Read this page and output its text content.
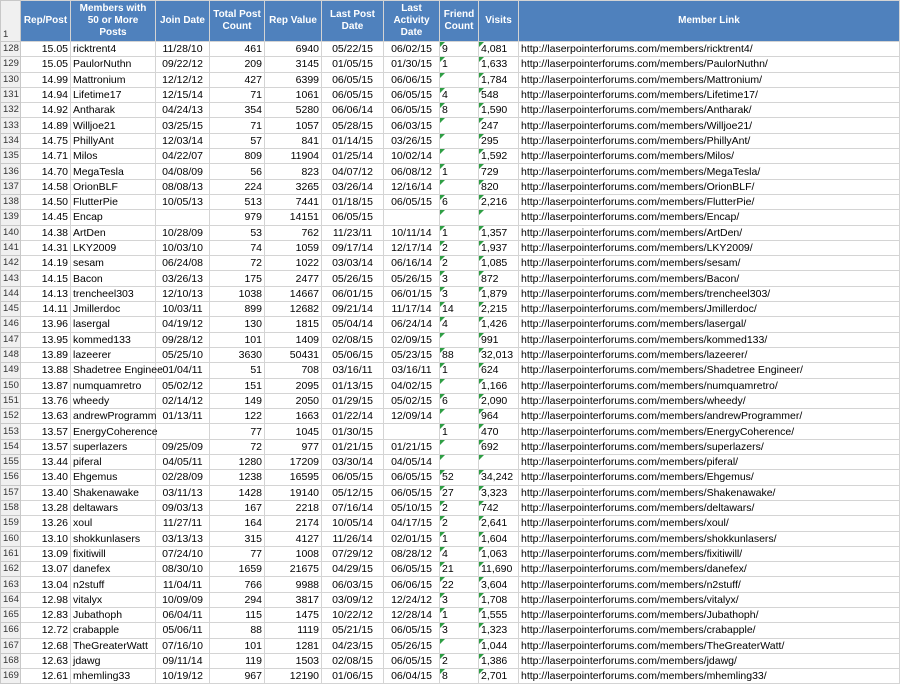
1	Rep/Post	Members with 50 or More Posts	Join Date	Total Post Count	Rep Value	Last Post Date	Last Activity Date	Friend Count	Visits	Member Link
128	15.05	ricktrent4	11/28/10	461	6940	05/22/15	06/02/15	9	4,081	http://laserpointerforums.com/members/ricktrent4/
129	15.05	PaulorNuthn	09/22/12	209	3145	01/05/15	01/30/15	1	1,633	http://laserpointerforums.com/members/PaulorNuthn/
130	14.99	Mattronium	12/12/12	427	6399	06/05/15	06/06/15		1,784	http://laserpointerforums.com/members/Mattronium/
131	14.94	Lifetime17	12/15/14	71	1061	06/05/15	06/05/15	4	548	http://laserpointerforums.com/members/Lifetime17/
132	14.92	Antharak	04/24/13	354	5280	06/06/14	06/05/15	8	1,590	http://laserpointerforums.com/members/Antharak/
133	14.89	Willjoe21	03/25/15	71	1057	05/28/15	06/03/15		247	http://laserpointerforums.com/members/Willjoe21/
134	14.75	PhillyAnt	12/03/14	57	841	01/14/15	03/26/15		295	http://laserpointerforums.com/members/PhillyAnt/
135	14.71	Milos	04/22/07	809	11904	01/25/14	10/02/14		1,592	http://laserpointerforums.com/members/Milos/
136	14.70	MegaTesla	04/08/09	56	823	04/07/12	06/08/12	1	729	http://laserpointerforums.com/members/MegaTesla/
137	14.58	OrionBLF	08/08/13	224	3265	03/26/14	12/16/14		820	http://laserpointerforums.com/members/OrionBLF/
138	14.50	FlutterPie	10/05/13	513	7441	01/18/15	06/05/15	6	2,216	http://laserpointerforums.com/members/FlutterPie/
139	14.45	Encap		979	14151	06/05/15				http://laserpointerforums.com/members/Encap/
140	14.38	ArtDen	10/28/09	53	762	11/23/11	10/11/14	1	1,357	http://laserpointerforums.com/members/ArtDen/
141	14.31	LKY2009	10/03/10	74	1059	09/17/14	12/17/14	2	1,937	http://laserpointerforums.com/members/LKY2009/
142	14.19	sesam	06/24/08	72	1022	03/03/14	06/16/14	2	1,085	http://laserpointerforums.com/members/sesam/
143	14.15	Bacon	03/26/13	175	2477	05/26/15	05/26/15	3	872	http://laserpointerforums.com/members/Bacon/
144	14.13	trencheel303	12/10/13	1038	14667	06/01/15	06/01/15	3	1,879	http://laserpointerforums.com/members/trencheel303/
145	14.11	Jmillerdoc	10/03/11	899	12682	09/21/14	11/17/14	14	2,215	http://laserpointerforums.com/members/Jmillerdoc/
146	13.96	lasergal	04/19/12	130	1815	05/04/14	06/24/14	4	1,426	http://laserpointerforums.com/members/lasergal/
147	13.95	kommed133	09/28/12	101	1409	02/08/15	02/09/15		991	http://laserpointerforums.com/members/kommed133/
148	13.89	lazeerer	05/25/10	3630	50431	05/06/15	05/23/15	88	32,013	http://laserpointerforums.com/members/lazeerer/
149	13.88	Shadetree Enginee	01/04/11	51	708	03/16/11	03/16/11	1	624	http://laserpointerforums.com/members/Shadetree Engineer/
150	13.87	numquamretro	05/02/12	151	2095	01/13/15	04/02/15		1,166	http://laserpointerforums.com/members/numquamretro/
151	13.76	wheedy	02/14/12	149	2050	01/29/15	05/02/15	6	2,090	http://laserpointerforums.com/members/wheedy/
152	13.63	andrewProgramm	01/13/11	122	1663	01/22/14	12/09/14		964	http://laserpointerforums.com/members/andrewProgrammer/
153	13.57	EnergyCoherence		77	1045	01/30/15		1	470	http://laserpointerforums.com/members/EnergyCoherence/
154	13.57	superlazers	09/25/09	72	977	01/21/15	01/21/15		692	http://laserpointerforums.com/members/superlazers/
155	13.44	piferal	04/05/11	1280	17209	03/30/14	04/05/14			http://laserpointerforums.com/members/piferal/
156	13.40	Ehgemus	02/28/09	1238	16595	06/05/15	06/05/15	52	34,242	http://laserpointerforums.com/members/Ehgemus/
157	13.40	Shakenawake	03/11/13	1428	19140	05/12/15	06/05/15	27	3,323	http://laserpointerforums.com/members/Shakenawake/
158	13.28	deltawars	09/03/13	167	2218	07/16/14	05/10/15	2	742	http://laserpointerforums.com/members/deltawars/
159	13.26	xoul	11/27/11	164	2174	10/05/14	04/17/15	2	2,641	http://laserpointerforums.com/members/xoul/
160	13.10	shokkunlasers	03/13/13	315	4127	11/26/14	02/01/15	1	1,604	http://laserpointerforums.com/members/shokkunlasers/
161	13.09	fixitiwill	07/24/10	77	1008	07/29/12	08/28/12	4	1,063	http://laserpointerforums.com/members/fixitiwill/
162	13.07	danefex	08/30/10	1659	21675	04/29/15	06/05/15	21	11,690	http://laserpointerforums.com/members/danefex/
163	13.04	n2stuff	11/04/11	766	9988	06/03/15	06/06/15	22	3,604	http://laserpointerforums.com/members/n2stuff/
164	12.98	vitalyx	10/09/09	294	3817	03/09/12	12/24/12	3	1,708	http://laserpointerforums.com/members/vitalyx/
165	12.83	Jubathoph	06/04/11	115	1475	10/22/12	12/28/14	1	1,555	http://laserpointerforums.com/members/Jubathoph/
166	12.72	crabapple	05/06/11	88	1119	05/21/15	06/05/15	3	1,323	http://laserpointerforums.com/members/crabapple/
167	12.68	TheGreaterWatt	07/16/10	101	1281	04/23/15	05/26/15		1,044	http://laserpointerforums.com/members/TheGreaterWatt/
168	12.63	jdawg	09/11/14	119	1503	02/08/15	06/05/15	2	1,386	http://laserpointerforums.com/members/jdawg/
169	12.61	mhemling33	10/19/12	967	12190	01/06/15	06/04/15	8	2,701	http://laserpointerforums.com/members/mhemling33/
